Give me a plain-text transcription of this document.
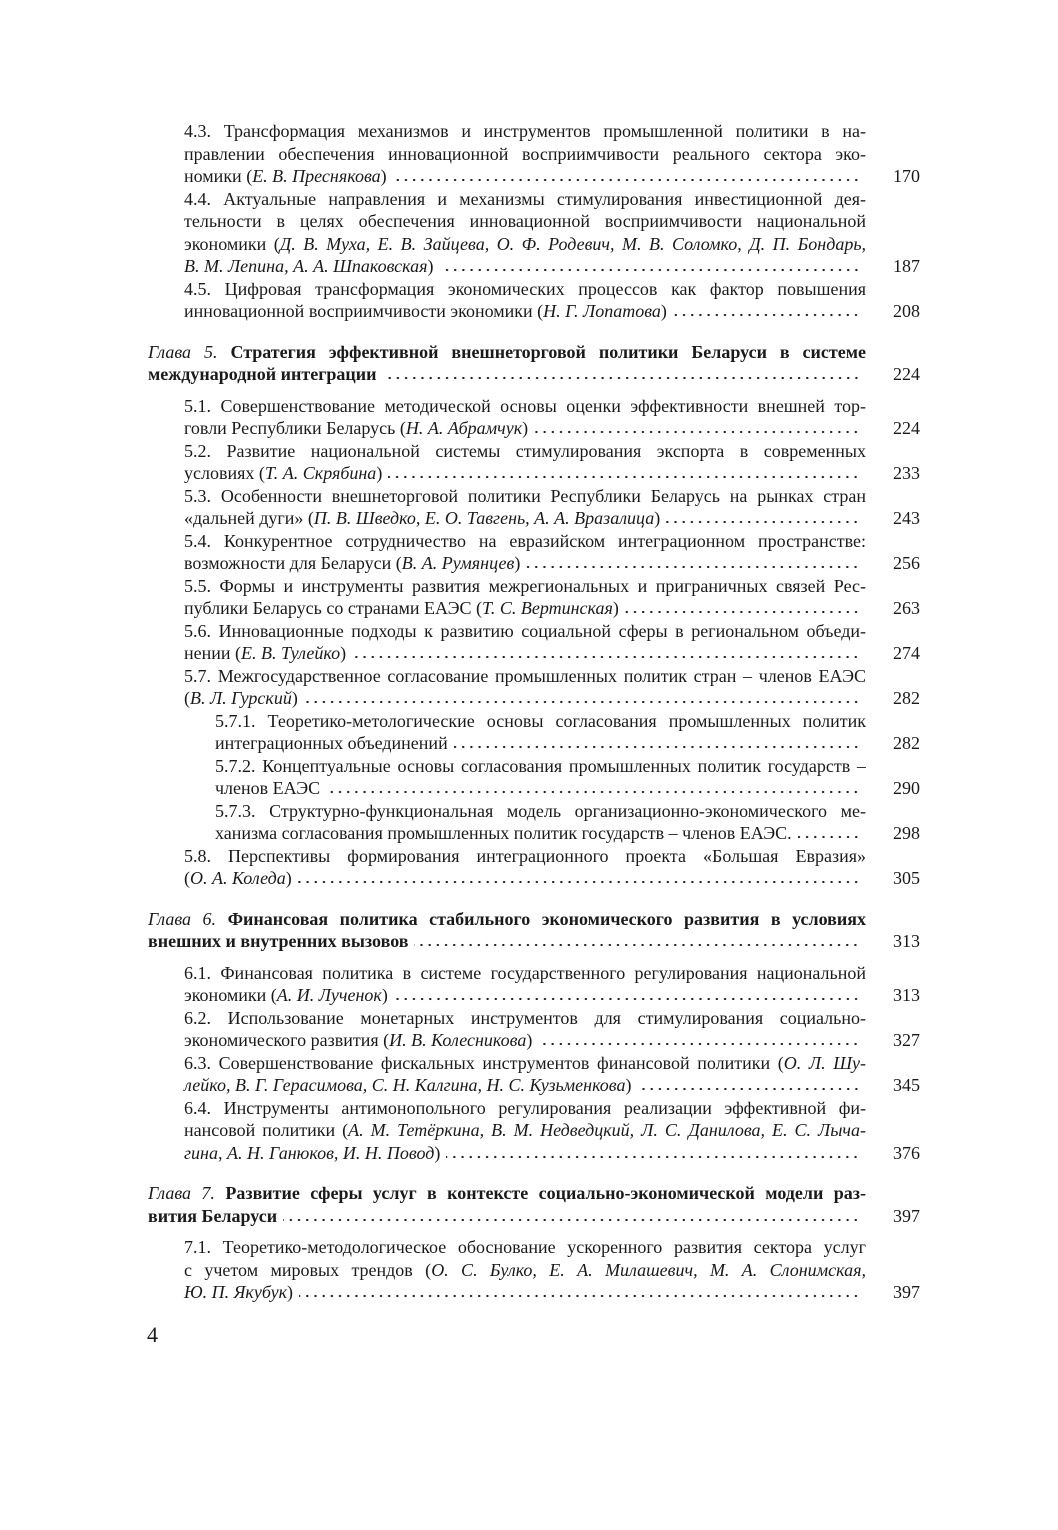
4.3. Трансформация механизмов и инструментов промышленной политики в на-
правлении обеспечения инновационной восприимчивости реального сектора эко-
номики (Е. В. Преснякова)	170
4.4. Актуальные направления и механизмы стимулирования инвестиционной дея-
тельности в целях обеспечения инновационной восприимчивости национальной
экономики (Д. В. Муха, Е. В. Зайцева, О. Ф. Родевич, М. В. Соломко, Д. П. Бондарь,
В. М. Лепина, А. А. Шпаковская)	187
4.5. Цифровая трансформация экономических процессов как фактор повышения
инновационной восприимчивости экономики (Н. Г. Лопатова)	208
Глава 5. Стратегия эффективной внешнеторговой политики Беларуси в системе
международной интеграции	224
5.1. Совершенствование методической основы оценки эффективности внешней тор-
говли Республики Беларусь (Н. А. Абрамчук)	224
5.2. Развитие национальной системы стимулирования экспорта в современных
условиях (Т. А. Скрябина)	233
5.3. Особенности внешнеторговой политики Республики Беларусь на рынках стран
«дальней дуги» (П. В. Шведко, Е. О. Тавгень, А. А. Вразалица)	243
5.4. Конкурентное сотрудничество на евразийском интеграционном пространстве:
возможности для Беларуси (В. А. Румянцев)	256
5.5. Формы и инструменты развития межрегиональных и приграничных связей Рес-
публики Беларусь со странами ЕАЭС (Т. С. Вертинская)	263
5.6. Инновационные подходы к развитию социальной сферы в региональном объеди-
нении (Е. В. Тулейко)	274
5.7. Межгосударственное согласование промышленных политик стран – членов ЕАЭС
(В. Л. Гурский)	282
5.7.1. Теоретико-метологические основы согласования промышленных политик
интеграционных объединений	282
5.7.2. Концептуальные основы согласования промышленных политик государств –
членов ЕАЭС	290
5.7.3. Структурно-функциональная модель организационно-экономического ме-
ханизма согласования промышленных политик государств – членов ЕАЭС.	298
5.8. Перспективы формирования интеграционного проекта «Большая Евразия»
(О. А. Коледа)	305
Глава 6. Финансовая политика стабильного экономического развития в условиях
внешних и внутренних вызовов	313
6.1. Финансовая политика в системе государственного регулирования национальной
экономики (А. И. Лученок)	313
6.2. Использование монетарных инструментов для стимулирования социально-
экономического развития (И. В. Колесникова)	327
6.3. Совершенствование фискальных инструментов финансовой политики (О. Л. Шу-
лейко, В. Г. Герасимова, С. Н. Калгина, Н. С. Кузьменкова)	345
6.4. Инструменты антимонопольного регулирования реализации эффективной фи-
нансовой политики (А. М. Тетёркина, В. М. Недведцкий, Л. С. Данилова, Е. С. Лыча-
гина, А. Н. Ганюков, И. Н. Повод)	376
Глава 7. Развитие сферы услуг в контексте социально-экономической модели раз-
вития Беларуси	397
7.1. Теоретико-методологическое обоснование ускоренного развития сектора услуг
с учетом мировых трендов (О. С. Булко, Е. А. Милашевич, М. А. Слонимская,
Ю. П. Якубук)	397
4
